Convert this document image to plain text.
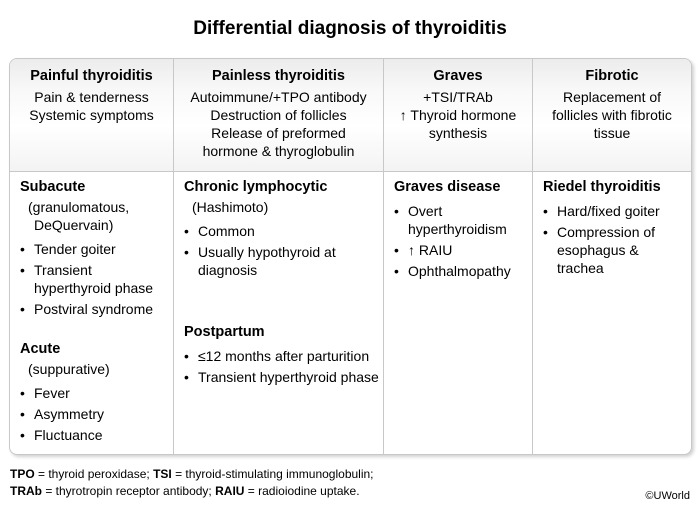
Differential diagnosis of thyroiditis
Painful thyroiditis
Pain & tenderness
Systemic symptoms
Painless thyroiditis
Autoimmune/+TPO antibody
Destruction of follicles
Release of preformed
hormone & thyroglobulin
Graves
+TSI/TRAb
↑ Thyroid hormone
synthesis
Fibrotic
Replacement of
follicles with fibrotic
tissue
Subacute
(granulomatous,
DeQuervain)
• Tender goiter
• Transient hyperthyroid phase
• Postviral syndrome
Acute
(suppurative)
• Fever
• Asymmetry
• Fluctuance
Chronic lymphocytic
(Hashimoto)
• Common
• Usually hypothyroid at diagnosis
Postpartum
• ≤12 months after parturition
• Transient hyperthyroid phase
Graves disease
• Overt hyperthyroidism
• ↑ RAIU
• Ophthalmopathy
Riedel thyroiditis
• Hard/fixed goiter
• Compression of esophagus & trachea
TPO = thyroid peroxidase; TSI = thyroid-stimulating immunoglobulin;
TRAb = thyrotropin receptor antibody; RAIU = radioiodine uptake.	©UWorld
